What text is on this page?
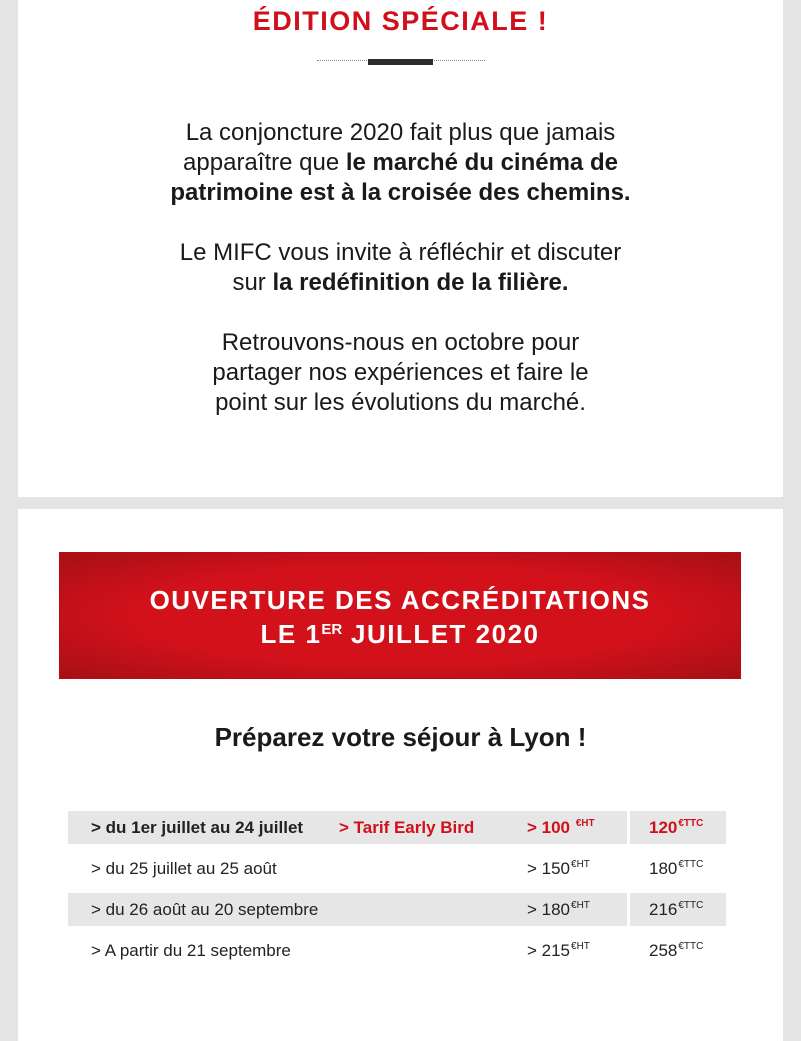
ÉDITION SPÉCIALE !
La conjoncture 2020 fait plus que jamais
apparaître que le marché du cinéma de
patrimoine est à la croisée des chemins.
Le MIFC vous invite à réfléchir et discuter
sur la redéfinition de la filière.
Retrouvons-nous en octobre pour
partager nos expériences et faire le
point sur les évolutions du marché.
OUVERTURE DES ACCRÉDITATIONS
LE 1ER JUILLET 2020
Préparez votre séjour à Lyon !
> du 1er juillet au 24 juillet > Tarif Early Bird	> 100 $^{€HT}$	$120^{€TTC}$
> du 25 juillet au 25 août	> $150^{€HT}$	$180^{€TTC}$
> du 26 août au 20 septembre	> $180^{€HT}$	$216^{€TTC}$
> A partir du 21 septembre	> $215^{€HT}$	$258^{€TTC}$
